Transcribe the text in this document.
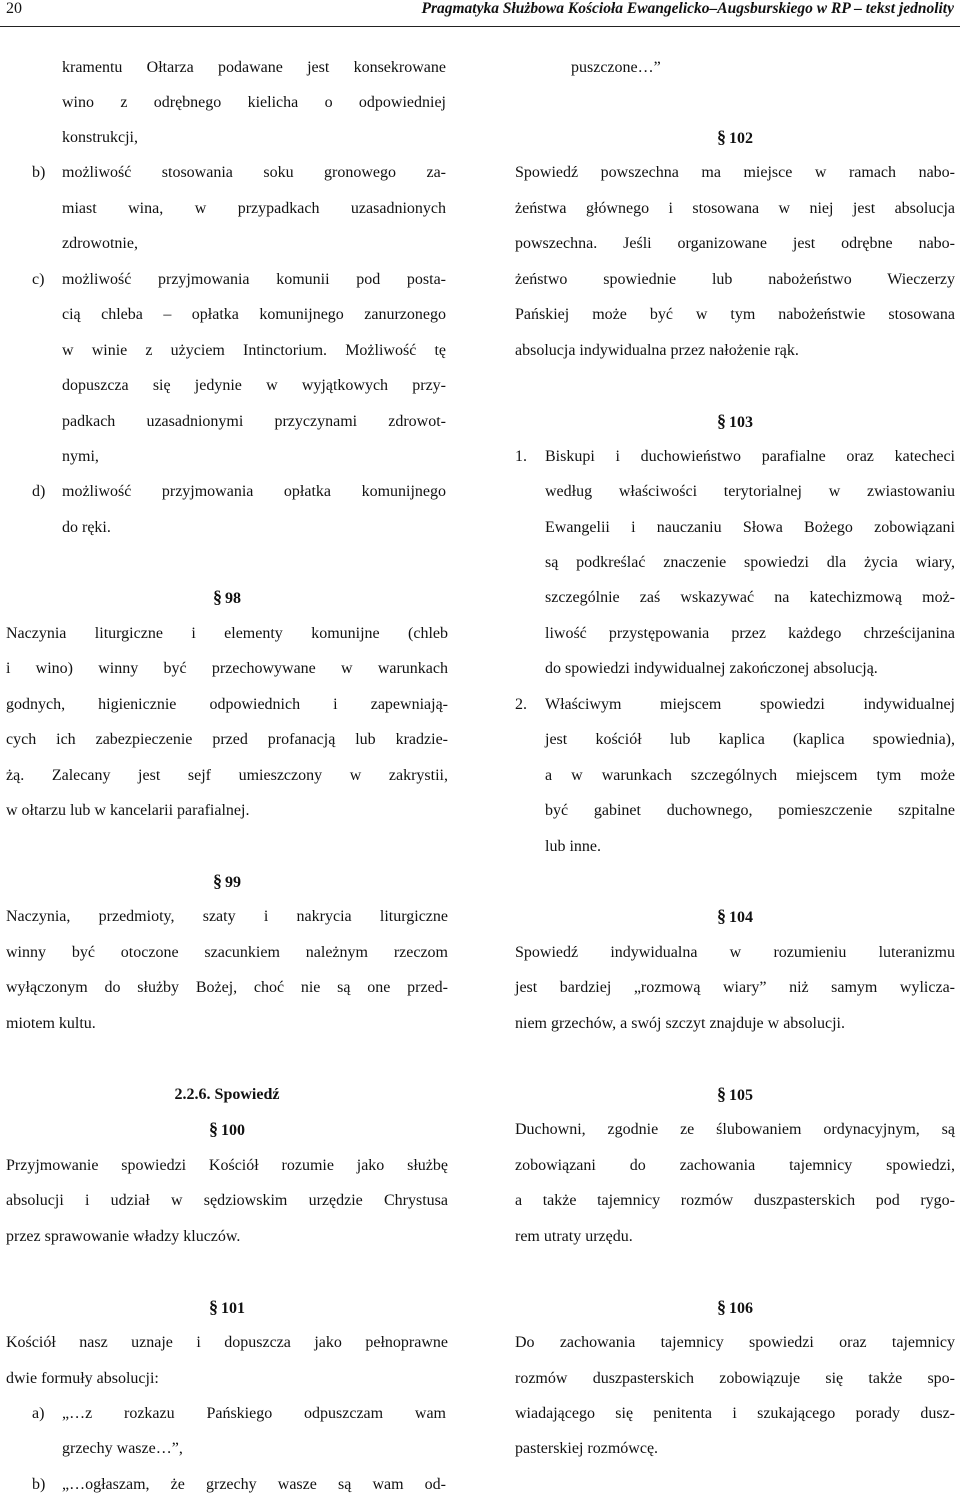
20	Pragmatyka Służbowa Kościoła Ewangelicko–Augsburskiego w RP – tekst jednolity
kramentu Ołtarza podawane jest konsekrowane
wino z odrębnego kielicha o odpowiedniej
konstrukcji,
b) możliwość stosowania soku gronowego za-
miast wina, w przypadkach uzasadnionych
zdrowotnie,
c) możliwość przyjmowania komunii pod posta-
cią chleba – opłatka komunijnego zanurzonego
w winie z użyciem Intinctorium. Możliwość tę
dopuszcza się jedynie w wyjątkowych przy-
padkach uzasadnionymi przyczynami zdrowot-
nymi,
d) możliwość przyjmowania opłatka komunijnego
do ręki.
§ 98
Naczynia liturgiczne i elementy komunijne (chleb
i wino) winny być przechowywane w warunkach
godnych, higienicznie odpowiednich i zapewniają-
cych ich zabezpieczenie przed profanacją lub kradzie-
żą. Zalecany jest sejf umieszczony w zakrystii,
w ołtarzu lub w kancelarii parafialnej.
§ 99
Naczynia, przedmioty, szaty i nakrycia liturgiczne
winny być otoczone szacunkiem należnym rzeczom
wyłączonym do służby Bożej, choć nie są one przed-
miotem kultu.
2.2.6. Spowiedź
§ 100
Przyjmowanie spowiedzi Kościół rozumie jako służbę
absolucji i udział w sędziowskim urzędzie Chrystusa
przez sprawowanie władzy kluczów.
§ 101
Kościół nasz uznaje i dopuszcza jako pełnoprawne
dwie formuły absolucji:
a) „…z rozkazu Pańskiego odpuszczam wam
grzechy wasze…”,
b) „…ogłaszam, że grzechy wasze są wam od-
puszczone…”
§ 102
Spowiedź powszechna ma miejsce w ramach nabo-
żeństwa głównego i stosowana w niej jest absolucja
powszechna. Jeśli organizowane jest odrębne nabo-
żeństwo spowiednie lub nabożeństwo Wieczerzy
Pańskiej może być w tym nabożeństwie stosowana
absolucja indywidualna przez nałożenie rąk.
§ 103
1. Biskupi i duchowieństwo parafialne oraz katecheci
według właściwości terytorialnej w zwiastowaniu
Ewangelii i nauczaniu Słowa Bożego zobowiązani
są podkreślać znaczenie spowiedzi dla życia wiary,
szczególnie zaś wskazywać na katechizmową moż-
liwość przystępowania przez każdego chrześcijanina
do spowiedzi indywidualnej zakończonej absolucją.
2. Właściwym miejscem spowiedzi indywidualnej
jest kościół lub kaplica (kaplica spowiednia),
a w warunkach szczególnych miejscem tym może
być gabinet duchownego, pomieszczenie szpitalne
lub inne.
§ 104
Spowiedź indywidualna w rozumieniu luteranizmu
jest bardziej „rozmową wiary” niż samym wylicza-
niem grzechów, a swój szczyt znajduje w absolucji.
§ 105
Duchowni, zgodnie ze ślubowaniem ordynacyjnym, są
zobowiązani do zachowania tajemnicy spowiedzi,
a także tajemnicy rozmów duszpasterskich pod rygo-
rem utraty urzędu.
§ 106
Do zachowania tajemnicy spowiedzi oraz tajemnicy
rozmów duszpasterskich zobowiązuje się także spo-
wiadającego się penitenta i szukającego porady dusz-
pasterskiej rozmówcę.
